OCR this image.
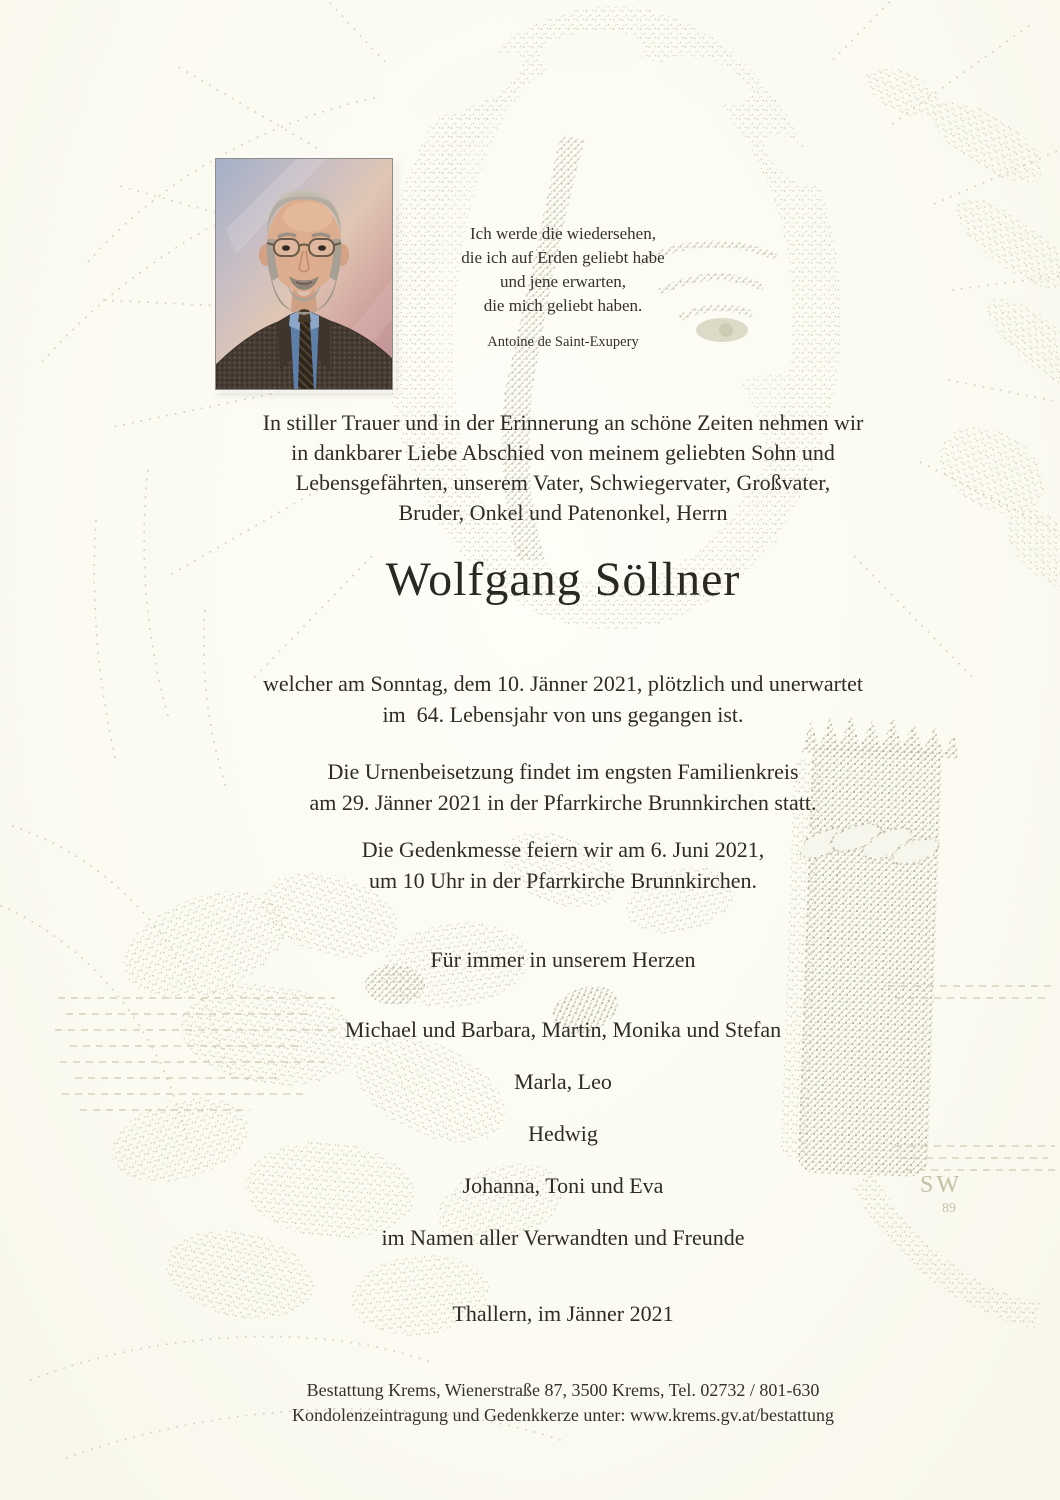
SW
89
Ich werde die wiedersehen,
die ich auf Erden geliebt habe
und jene erwarten,
die mich geliebt haben.
Antoine de Saint-Exupery
In stiller Trauer und in der Erinnerung an schöne Zeiten nehmen wir
in dankbarer Liebe Abschied von meinem geliebten Sohn und
Lebensgefährten, unserem Vater, Schwiegervater, Großvater,
Bruder, Onkel und Patenonkel, Herrn
Wolfgang Söllner
welcher am Sonntag, dem 10. Jänner 2021, plötzlich und unerwartet
im  64. Lebensjahr von uns gegangen ist.
Die Urnenbeisetzung findet im engsten Familienkreis
am 29. Jänner 2021 in der Pfarrkirche Brunnkirchen statt.
Die Gedenkmesse feiern wir am 6. Juni 2021,
um 10 Uhr in der Pfarrkirche Brunnkirchen.
Für immer in unserem Herzen
Michael und Barbara, Martin, Monika und Stefan
Marla, Leo
Hedwig
Johanna, Toni und Eva
im Namen aller Verwandten und Freunde
Thallern, im Jänner 2021
Bestattung Krems, Wienerstraße 87, 3500 Krems, Tel. 02732 / 801-630
Kondolenzeintragung und Gedenkkerze unter: www.krems.gv.at/bestattung
